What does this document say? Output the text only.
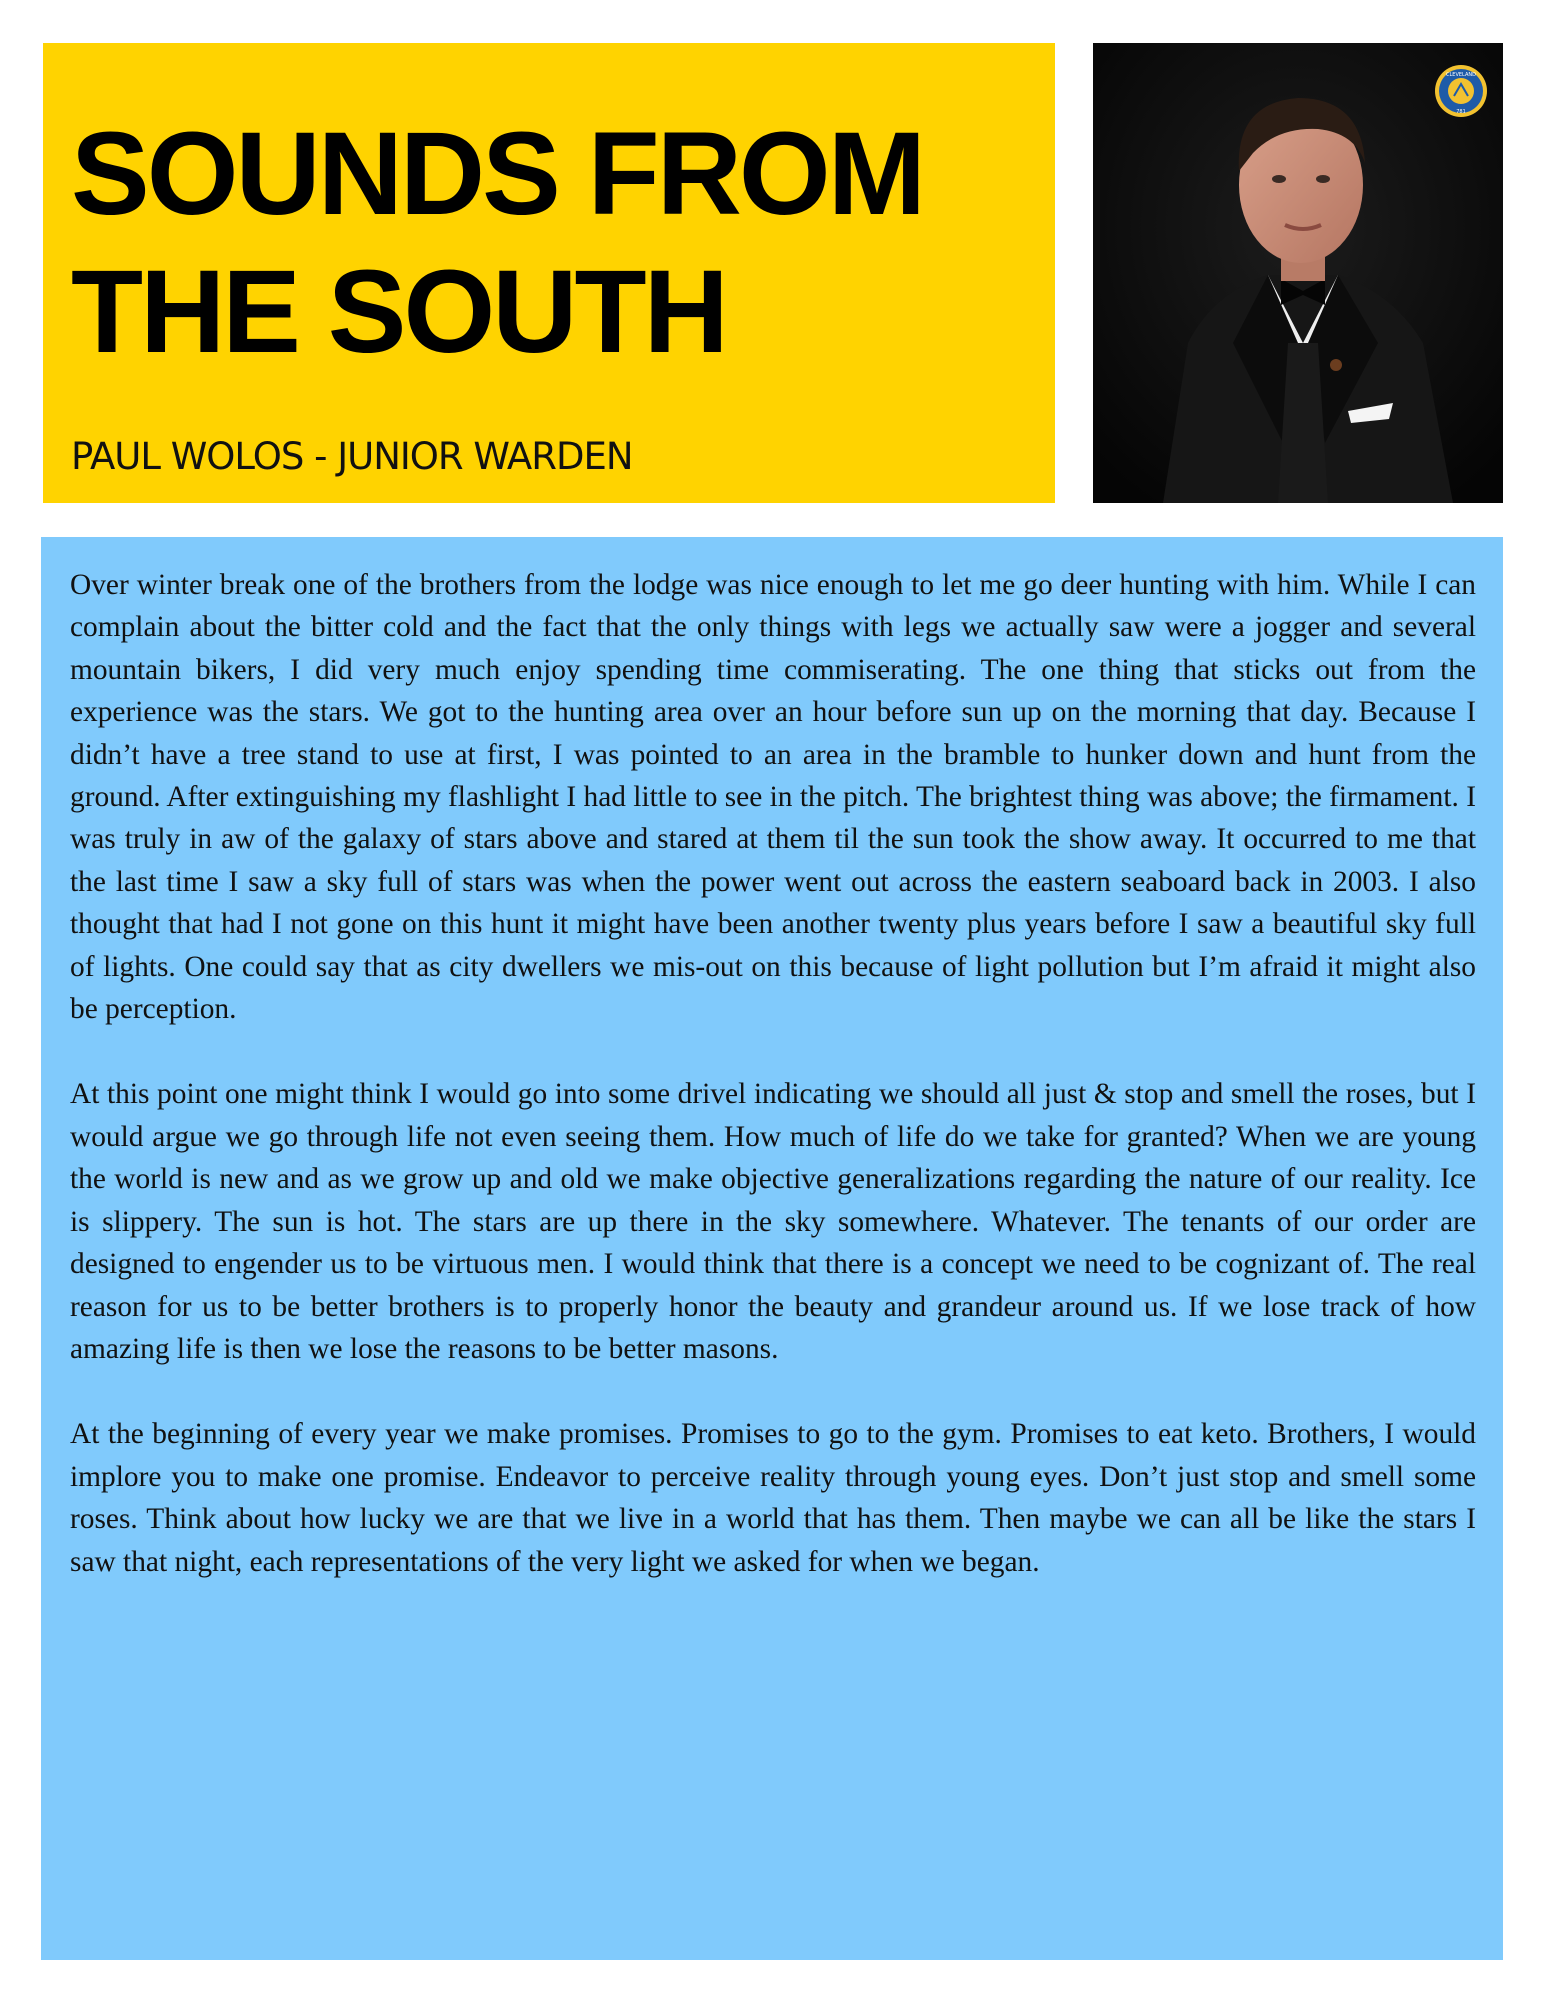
SOUNDS FROM THE SOUTH
PAUL WOLOS - JUNIOR WARDEN
CLEVELAND
781

Over winter break one of the brothers from the lodge was nice enough to let me go deer hunting with him. While I can complain about the bitter cold and the fact that the only things with legs we actually saw were a jogger and several mountain bikers, I did very much enjoy spending time commiserating. The one thing that sticks out from the experience was the stars. We got to the hunting area over an hour before sun up on the morning that day. Because I didn’t have a tree stand to use at first, I was pointed to an area in the bramble to hunker down and hunt from the ground. After extinguishing my flashlight I had little to see in the pitch. The brightest thing was above; the firmament. I was truly in aw of the galaxy of stars above and stared at them til the sun took the show away. It occurred to me that the last time I saw a sky full of stars was when the power went out across the eastern seaboard back in 2003. I also thought that had I not gone on this hunt it might have been another twenty plus years before I saw a beautiful sky full of lights. One could say that as city dwellers we mis-out on this because of light pollution but I’m afraid it might also be perception.

At this point one might think I would go into some drivel indicating we should all just & stop and smell the roses, but I would argue we go through life not even seeing them. How much of life do we take for granted? When we are young the world is new and as we grow up and old we make objective generalizations regarding the nature of our reality. Ice is slippery. The sun is hot. The stars are up there in the sky somewhere. Whatever. The tenants of our order are designed to engender us to be virtuous men. I would think that there is a concept we need to be cognizant of. The real reason for us to be better brothers is to properly honor the beauty and grandeur around us. If we lose track of how amazing life is then we lose the reasons to be better masons.

At the beginning of every year we make promises. Promises to go to the gym. Promises to eat keto. Brothers, I would implore you to make one promise. Endeavor to perceive reality through young eyes. Don’t just stop and smell some roses. Think about how lucky we are that we live in a world that has them. Then maybe we can all be like the stars I saw that night, each representations of the very light we asked for when we began.
